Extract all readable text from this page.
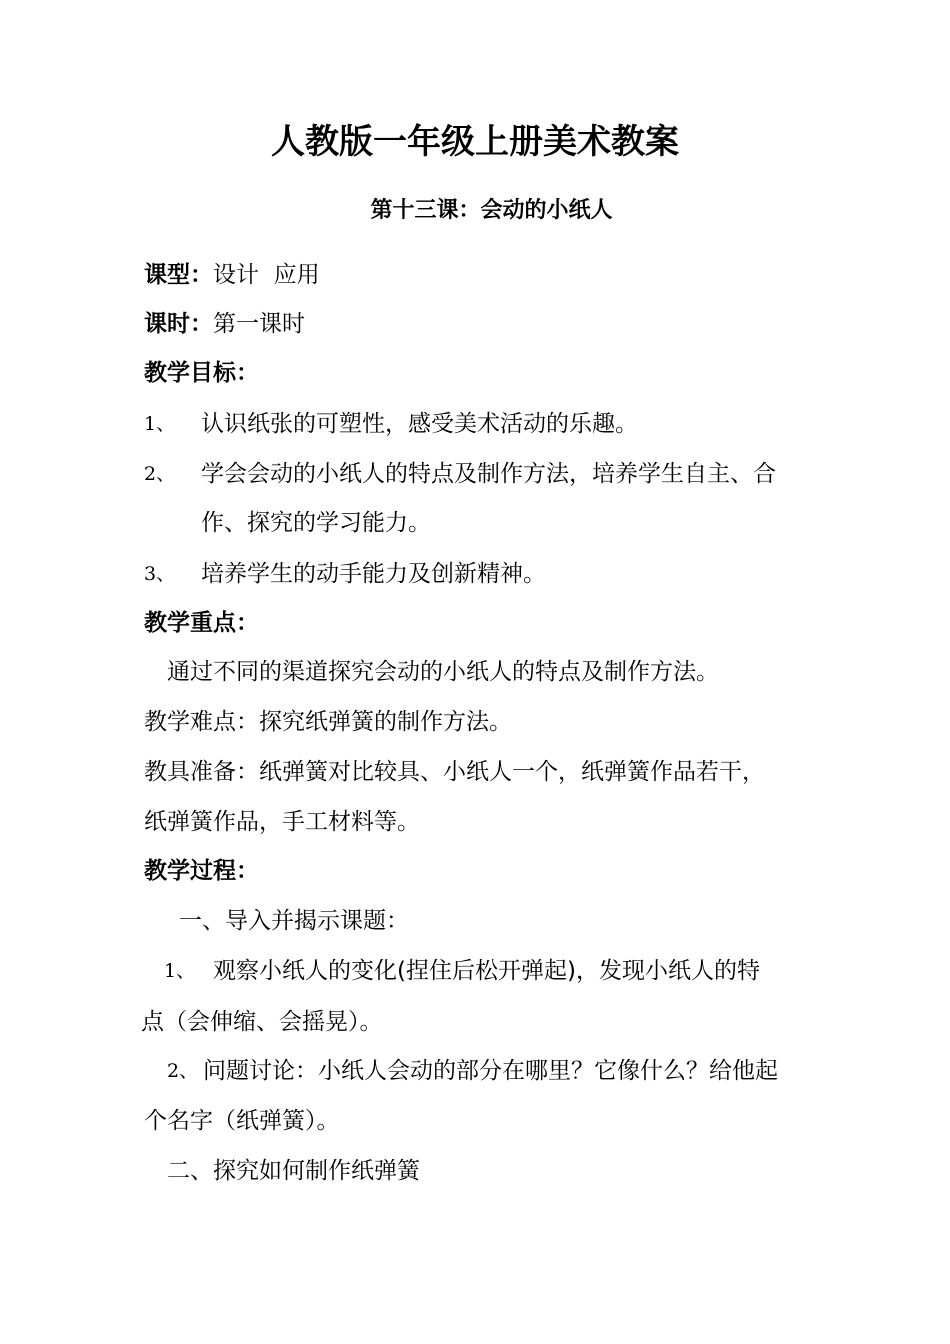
人教版一年级上册美术教案
第十三课：会动的小纸人
课型：设计  应用
课时：第一课时
教学目标：
1、 认识纸张的可塑性，感受美术活动的乐趣。
2、 学会会动的小纸人的特点及制作方法，培养学生自主、合
作、探究的学习能力。
3、 培养学生的动手能力及创新精神。
教学重点：
通过不同的渠道探究会动的小纸人的特点及制作方法。
教学难点：探究纸弹簧的制作方法。
教具准备：纸弹簧对比较具、小纸人一个，纸弹簧作品若干，
纸弹簧作品，手工材料等。
教学过程：
一、导入并揭示课题：
1、 观察小纸人的变化(捏住后松开弹起)，发现小纸人的特
点（会伸缩、会摇晃）。
2、 问题讨论：小纸人会动的部分在哪里？它像什么？给他起
个名字（纸弹簧）。
二、探究如何制作纸弹簧
